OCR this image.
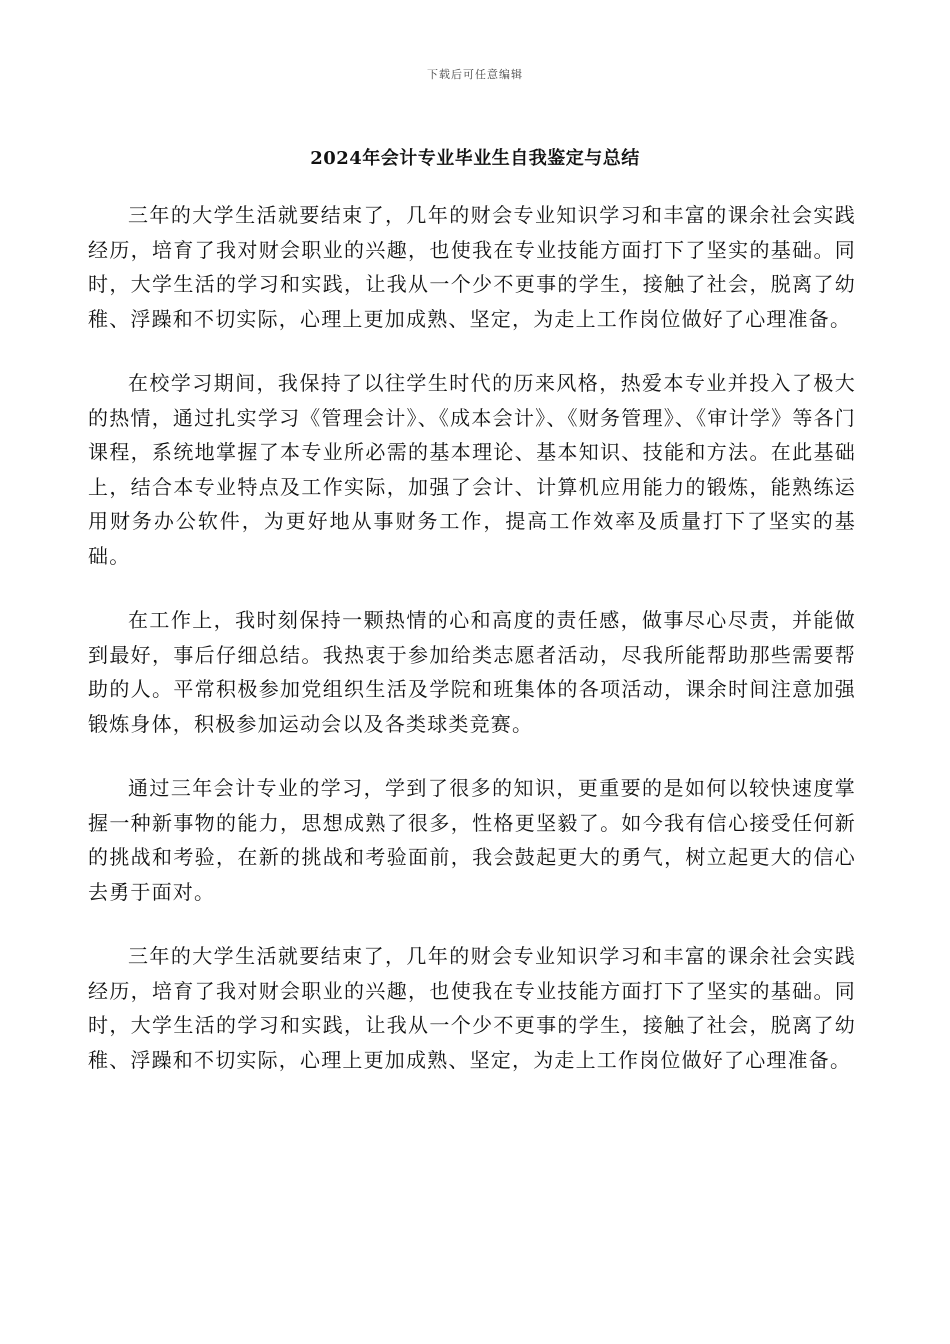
下载后可任意编辑
2024年会计专业毕业生自我鉴定与总结

三年的大学生活就要结束了，几年的财会专业知识学习和丰富的课余社会实践经历，培育了我对财会职业的兴趣，也使我在专业技能方面打下了坚实的基础。同时，大学生活的学习和实践，让我从一个少不更事的学生，接触了社会，脱离了幼稚、浮躁和不切实际，心理上更加成熟、坚定，为走上工作岗位做好了心理准备。

在校学习期间，我保持了以往学生时代的历来风格，热爱本专业并投入了极大的热情，通过扎实学习《管理会计》、《成本会计》、《财务管理》、《审计学》等各门课程，系统地掌握了本专业所必需的基本理论、基本知识、技能和方法。在此基础上，结合本专业特点及工作实际，加强了会计、计算机应用能力的锻炼，能熟练运用财务办公软件，为更好地从事财务工作，提高工作效率及质量打下了坚实的基础。

在工作上，我时刻保持一颗热情的心和高度的责任感，做事尽心尽责，并能做到最好，事后仔细总结。我热衷于参加给类志愿者活动，尽我所能帮助那些需要帮助的人。平常积极参加党组织生活及学院和班集体的各项活动，课余时间注意加强锻炼身体，积极参加运动会以及各类球类竞赛。

通过三年会计专业的学习，学到了很多的知识，更重要的是如何以较快速度掌握一种新事物的能力，思想成熟了很多，性格更坚毅了。如今我有信心接受任何新的挑战和考验，在新的挑战和考验面前，我会鼓起更大的勇气，树立起更大的信心去勇于面对。

三年的大学生活就要结束了，几年的财会专业知识学习和丰富的课余社会实践经历，培育了我对财会职业的兴趣，也使我在专业技能方面打下了坚实的基础。同时，大学生活的学习和实践，让我从一个少不更事的学生，接触了社会，脱离了幼稚、浮躁和不切实际，心理上更加成熟、坚定，为走上工作岗位做好了心理准备。
